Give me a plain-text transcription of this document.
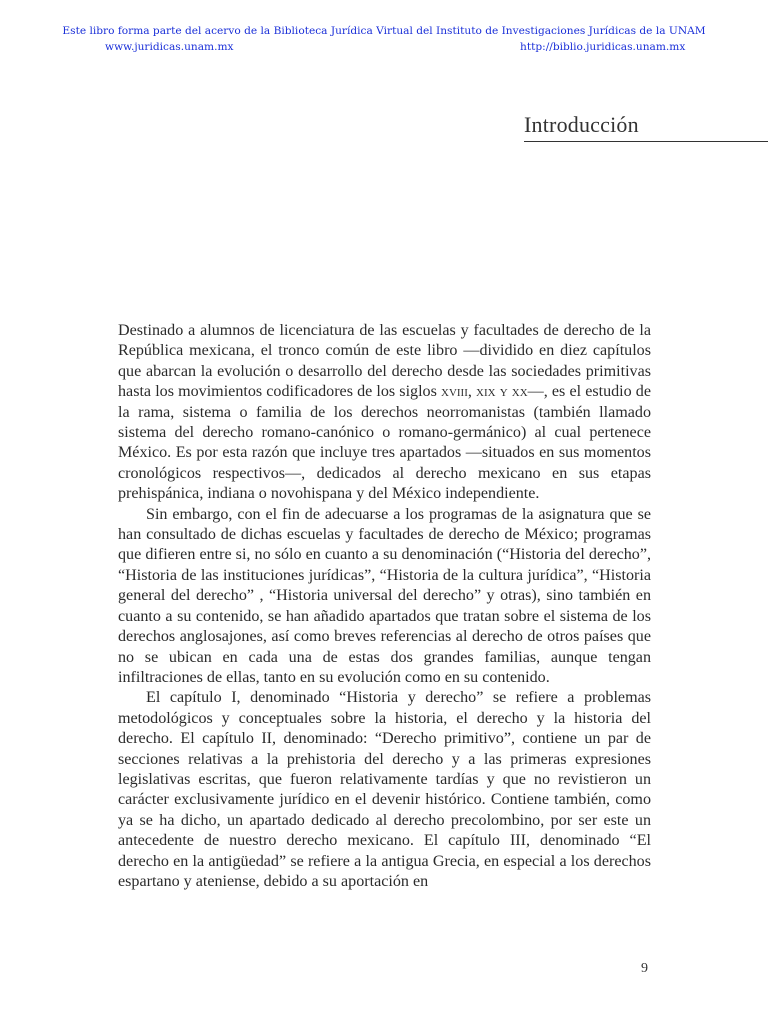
Este libro forma parte del acervo de la Biblioteca Jurídica Virtual del Instituto de Investigaciones Jurídicas de la UNAM
www.juridicas.unam.mx	http://biblio.juridicas.unam.mx
Introducción

Destinado a alumnos de licenciatura de las escuelas y facultades de derecho de la República mexicana, el tronco común de este libro —dividido en diez capítulos que abarcan la evolución o desarrollo del derecho desde las sociedades primitivas hasta los movimientos codificadores de los siglos xviii, xix y xx—, es el estudio de la rama, sistema o familia de los derechos neorromanistas (también llamado sistema del derecho romano-canónico o romano-germánico) al cual pertenece México. Es por esta razón que incluye tres apartados —situados en sus momentos cronológicos respectivos—, dedicados al derecho mexicano en sus etapas prehispánica, indiana o novohispana y del México independiente.

Sin embargo, con el fin de adecuarse a los programas de la asignatura que se han consultado de dichas escuelas y facultades de derecho de México; programas que difieren entre si, no sólo en cuanto a su denominación (“Historia del derecho”, “Historia de las instituciones jurídicas”, “Historia de la cultura jurídica”, “Historia general del derecho” , “Historia universal del derecho” y otras), sino también en cuanto a su contenido, se han añadido apartados que tratan sobre el sistema de los derechos anglosajones, así como breves referencias al derecho de otros países que no se ubican en cada una de estas dos grandes familias, aunque tengan infiltraciones de ellas, tanto en su evolución como en su contenido.

El capítulo I, denominado “Historia y derecho” se refiere a problemas metodológicos y conceptuales sobre la historia, el derecho y la historia del derecho. El capítulo II, denominado: “Derecho primitivo”, contiene un par de secciones relativas a la prehistoria del derecho y a las primeras expresiones legislativas escritas, que fueron relativamente tardías y que no revistieron un carácter exclusivamente jurídico en el devenir histórico. Contiene también, como ya se ha dicho, un apartado dedicado al derecho precolombino, por ser este un antecedente de nuestro derecho mexicano. El capítulo III, denominado “El derecho en la antigüedad” se refiere a la antigua Grecia, en especial a los derechos espartano y ateniense, debido a su aportación en

9
